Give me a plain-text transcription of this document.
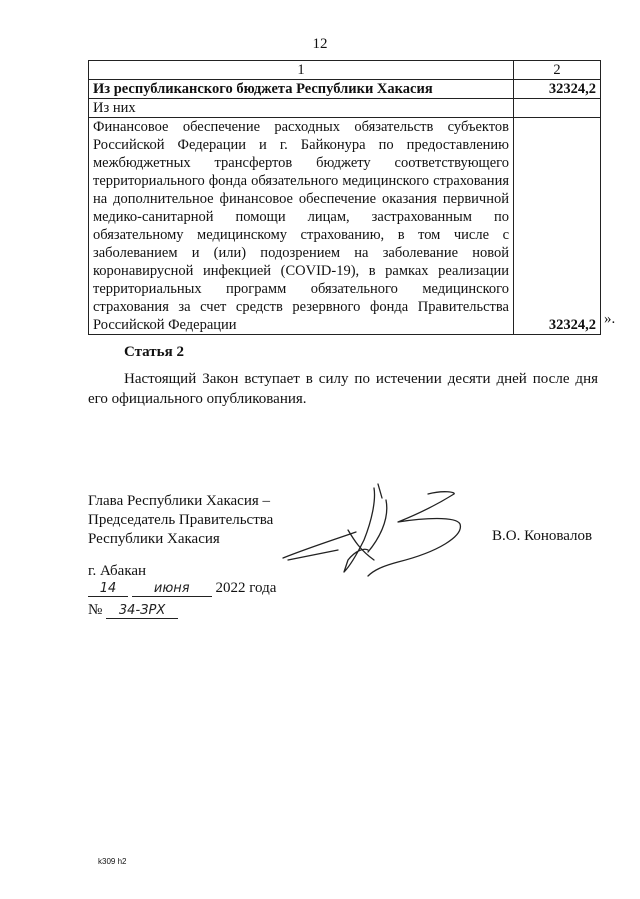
12
1	2
Из республиканского бюджета Республики Хакасия	32324,2
Из них	
Финансовое обеспечение расходных обязательств субъектов Российской Федерации и г. Байконура по предоставлению межбюджетных трансфертов бюджету соответствующего территориального фонда обязательного медицинского страхования на дополнительное финансовое обеспечение оказания первичной медико-санитарной помощи лицам, застрахованным по обязательному медицинскому страхованию, в том числе с заболеванием и (или) подозрением на заболевание новой коронавирусной инфекцией (COVID-19), в рамках реализации территориальных программ обязательного медицинского страхования за счет средств резервного фонда Правительства Российской Федерации	32324,2 ».
Статья 2
Настоящий Закон вступает в силу по истечении десяти дней после дня его официального опубликования.
Глава Республики Хакасия –
Председатель Правительства
Республики Хакасия	В.О. Коновалов
г. Абакан
14	июня 2022 года
№ 34-ЗРХ
k309 h2
